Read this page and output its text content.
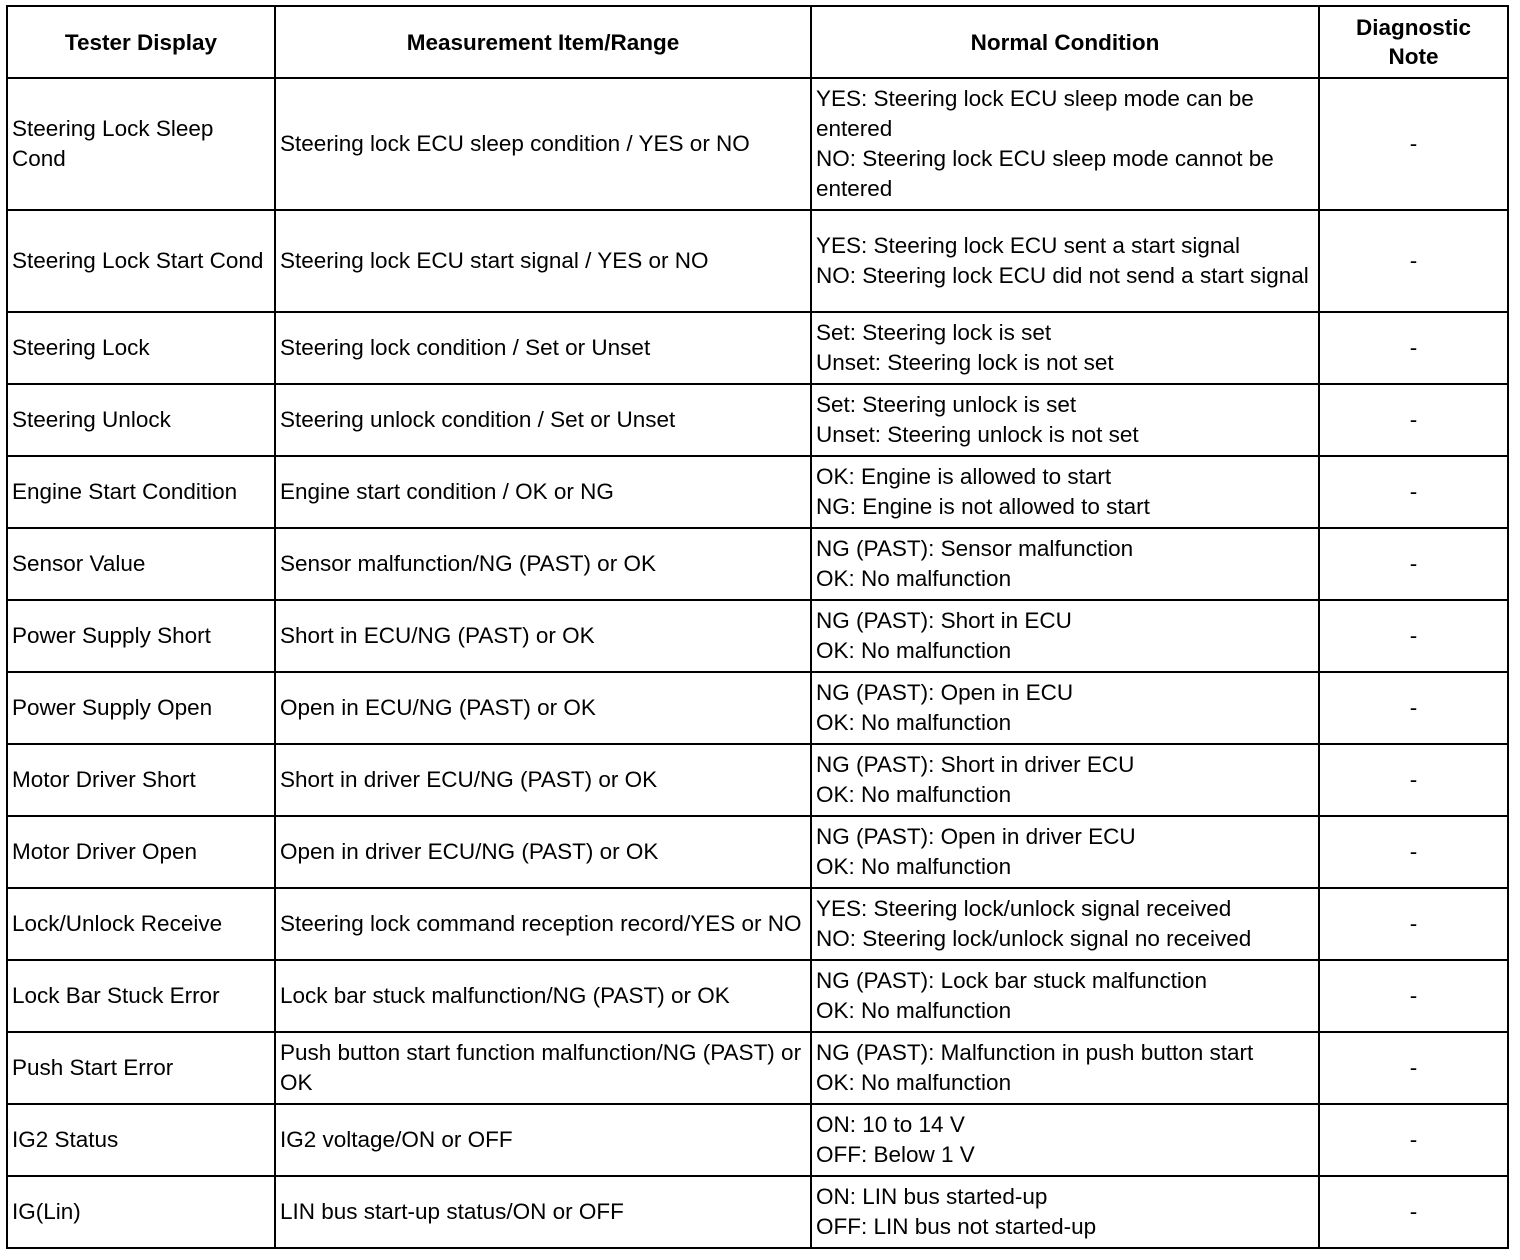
Tester Display	Measurement Item/Range	Normal Condition	Diagnostic
Note

Steering Lock Sleep Cond	Steering lock ECU sleep condition / YES or NO	YES: Steering lock ECU sleep mode can be entered
NO: Steering lock ECU sleep mode cannot be entered	-
Steering Lock Start Cond	Steering lock ECU start signal / YES or NO	YES: Steering lock ECU sent a start signal
NO: Steering lock ECU did not send a start signal	-
Steering Lock	Steering lock condition / Set or Unset	Set: Steering lock is set
Unset: Steering lock is not set	-
Steering Unlock	Steering unlock condition / Set or Unset	Set: Steering unlock is set
Unset: Steering unlock is not set	-
Engine Start Condition	Engine start condition / OK or NG	OK: Engine is allowed to start
NG: Engine is not allowed to start	-
Sensor Value	Sensor malfunction/NG (PAST) or OK	NG (PAST): Sensor malfunction
OK: No malfunction	-
Power Supply Short	Short in ECU/NG (PAST) or OK	NG (PAST): Short in ECU
OK: No malfunction	-
Power Supply Open	Open in ECU/NG (PAST) or OK	NG (PAST): Open in ECU
OK: No malfunction	-
Motor Driver Short	Short in driver ECU/NG (PAST) or OK	NG (PAST): Short in driver ECU
OK: No malfunction	-
Motor Driver Open	Open in driver ECU/NG (PAST) or OK	NG (PAST): Open in driver ECU
OK: No malfunction	-
Lock/Unlock Receive	Steering lock command reception record/YES or NO	YES: Steering lock/unlock signal received
NO: Steering lock/unlock signal no received	-
Lock Bar Stuck Error	Lock bar stuck malfunction/NG (PAST) or OK	NG (PAST): Lock bar stuck malfunction
OK: No malfunction	-
Push Start Error	Push button start function malfunction/NG (PAST) or OK	NG (PAST): Malfunction in push button start
OK: No malfunction	-
IG2 Status	IG2 voltage/ON or OFF	ON: 10 to 14 V
OFF: Below 1 V	-
IG(Lin)	LIN bus start-up status/ON or OFF	ON: LIN bus started-up
OFF: LIN bus not started-up	-
